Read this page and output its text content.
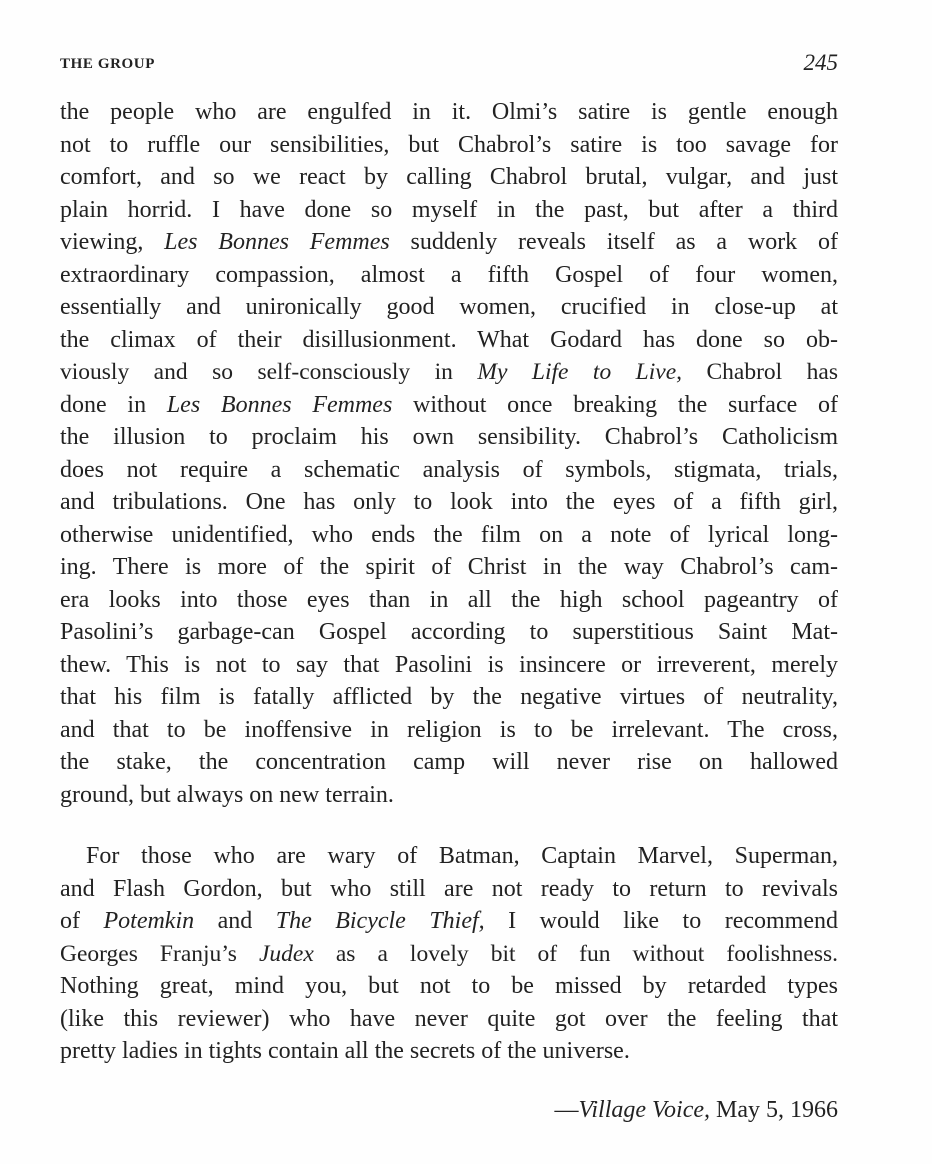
THE GROUP	245
the people who are engulfed in it. Olmi’s satire is gentle enough
not to ruffle our sensibilities, but Chabrol’s satire is too savage for
comfort, and so we react by calling Chabrol brutal, vulgar, and just
plain horrid. I have done so myself in the past, but after a third
viewing, Les Bonnes Femmes suddenly reveals itself as a work of
extraordinary compassion, almost a fifth Gospel of four women,
essentially and unironically good women, crucified in close-up at
the climax of their disillusionment. What Godard has done so ob-
viously and so self-consciously in My Life to Live, Chabrol has
done in Les Bonnes Femmes without once breaking the surface of
the illusion to proclaim his own sensibility. Chabrol’s Catholicism
does not require a schematic analysis of symbols, stigmata, trials,
and tribulations. One has only to look into the eyes of a fifth girl,
otherwise unidentified, who ends the film on a note of lyrical long-
ing. There is more of the spirit of Christ in the way Chabrol’s cam-
era looks into those eyes than in all the high school pageantry of
Pasolini’s garbage-can Gospel according to superstitious Saint Mat-
thew. This is not to say that Pasolini is insincere or irreverent, merely
that his film is fatally afflicted by the negative virtues of neutrality,
and that to be inoffensive in religion is to be irrelevant. The cross,
the stake, the concentration camp will never rise on hallowed
ground, but always on new terrain.
For those who are wary of Batman, Captain Marvel, Superman,
and Flash Gordon, but who still are not ready to return to revivals
of Potemkin and The Bicycle Thief, I would like to recommend
Georges Franju’s Judex as a lovely bit of fun without foolishness.
Nothing great, mind you, but not to be missed by retarded types
(like this reviewer) who have never quite got over the feeling that
pretty ladies in tights contain all the secrets of the universe.
—Village Voice, May 5, 1966
